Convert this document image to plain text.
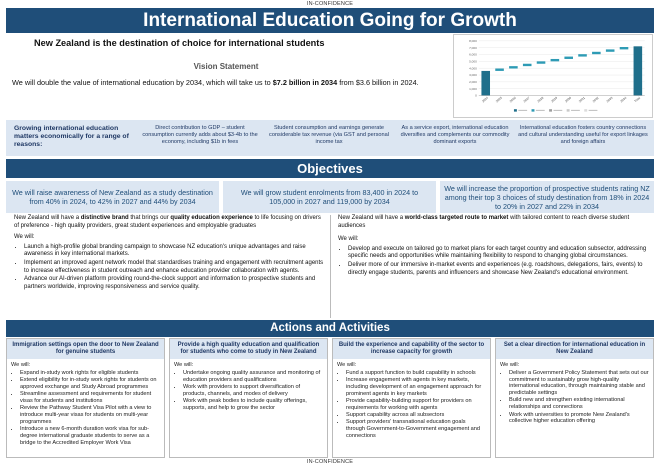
IN-CONFIDENCE
International Education Going for Growth
New Zealand is the destination of choice for international students
Vision Statement
We will double the value of international education by 2034, which will take us to $7.2 billion in 2034 from $3.6 billion in 2024.
0
1,000
2,000
3,000
4,000
5,000
6,000
7,000
8,000
2024 2025 2026 2027 2028 2029 2030 2031 2032 2033 2034 Total
Growing international education matters economically for a range of reasons:
Direct contribution to GDP – student consumption currently adds about $3-4b to the economy, including $1b in fees
Student consumption and earnings generate considerable tax revenue (via GST and personal income tax
As a service export, international education diversifies and complements our commodity dominant exports
International education fosters country connections and cultural understanding useful for export linkages and foreign affairs
Objectives
We will raise awareness of New Zealand as a study destination from 40% in 2024, to 42% in 2027 and 44% by 2034
We will grow student enrolments from 83,400 in 2024 to 105,000 in 2027 and 119,000 by 2034
We will increase the proportion of prospective students rating NZ among their top 3 choices of study destination from 18% in 2024 to 20% in 2027 and 22% in 2034

New Zealand will have a distinctive brand that brings our quality education experience to life focusing on drivers of preference - high quality providers, great student experiences and employable graduates

We will:

• Launch a high-profile global branding campaign to showcase NZ education's unique advantages and raise awareness in key international markets.
• Implement an improved agent network model that standardises training and engagement with recruitment agents to increase effectiveness in student outreach and enhance education provider collaboration with agents.
• Advance our AI-driven platform providing round-the-clock support and information to prospective students and partners worldwide, improving responsiveness and service quality.

New Zealand will have a world-class targeted route to market with tailored content to reach diverse student audiences

We will:

• Develop and execute on tailored go to market plans for each target country and education subsector, addressing specific needs and opportunities while maintaining flexibility to respond to changing global circumstances.
• Deliver more of our immersive in-market events and experiences (e.g. roadshows, delegations, fairs, events) to directly engage students, parents and influencers and showcase New Zealand's educational environment.
Actions and Activities
Immigration settings open the door to New Zealand for genuine students

We will:

• Expand in-study work rights for eligible students
• Extend eligibility for in-study work rights for students on approved exchange and Study Abroad programmes
• Streamline assessment and requirements for student visas for students and institutions
• Review the Pathway Student Visa Pilot with a view to introduce multi-year visas for students on multi-year programmes
• Introduce a new 6-month duration work visa for sub-degree international graduate students to serve as a bridge to the Accredited Employer Work Visa
Provide a high quality education and qualification for students who come to study in New Zealand

We will:

• Undertake ongoing quality assurance and monitoring of education providers and qualifications
• Work with providers to support diversification of products, channels, and modes of delivery
• Work with peak bodies to include quality offerings, supports, and help to grow the sector
Build the experience and capability of the sector to increase capacity for growth

We will:

• Fund a support function to build capability in schools
• Increase engagement with agents in key markets, including development of an engagement approach for prominent agents in key markets
• Provide capability-building support for providers on requirements for working with agents
• Support capability across all subsectors
• Support providers' transnational education goals through Government-to-Government engagement and connections
Set a clear direction for international education in New Zealand

We will:

• Deliver a Government Policy Statement that sets out our commitment to sustainably grow high-quality international education, through maintaining stable and predictable settings
• Build new and strengthen existing international relationships and connections
• Work with universities to promote New Zealand's collective higher education offering
IN-CONFIDENCE
